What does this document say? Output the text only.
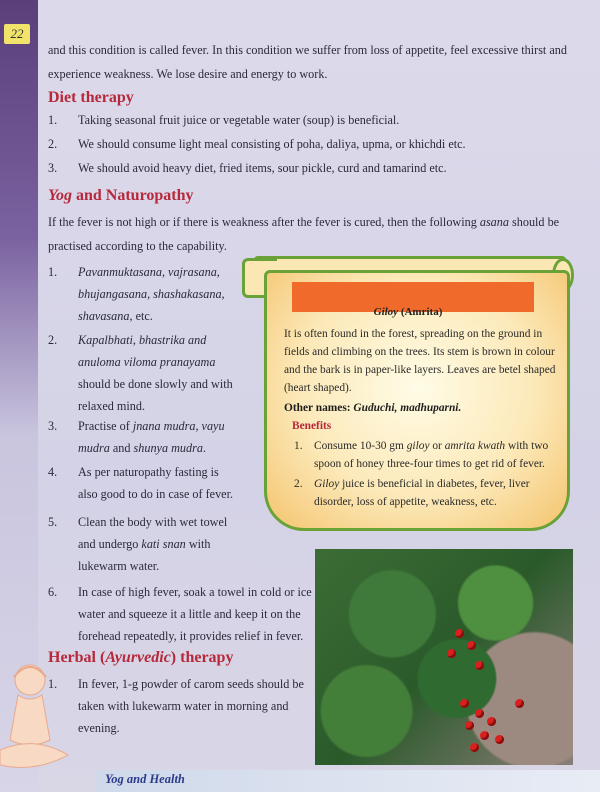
22
and this condition is called fever. In this condition we suffer from loss of appetite, feel excessive thirst and
experience weakness. We lose desire and energy to work.
Diet therapy
1. Taking seasonal fruit juice or vegetable water (soup) is beneficial.
2. We should consume light meal consisting of poha, daliya, upma, or khichdi etc.
3. We should avoid heavy diet, fried items, sour pickle, curd and tamarind etc.
Yog and Naturopathy
If the fever is not high or if there is weakness after the fever is cured, then the following asana should be
practised according to the capability.
1. Pavanmuktasana, vajrasana,
bhujangasana, shashakasana,
shavasana, etc.
2. Kapalbhati, bhastrika and
anuloma viloma pranayama
should be done slowly and with
relaxed mind.
3. Practise of jnana mudra, vayu
mudra and shunya mudra.
4. As per naturopathy fasting is
also good to do in case of fever.
5. Clean the body with wet towel
and undergo kati snan with
lukewarm water.
6. In case of high fever, soak a towel in cold or ice
water and squeeze it a little and keep it on the
forehead repeatedly, it provides relief in fever.
Herbal (Ayurvedic) therapy
1. In fever, 1-g powder of carom seeds should be
taken with lukewarm water in morning and
evening.
Giloy (Amrita)
It is often found in the forest, spreading on the ground in
fields and climbing on the trees. Its stem is brown in colour
and the bark is in paper-like layers. Leaves are betel shaped
(heart shaped).
Other names: Guduchi, madhuparni.
Benefits
1. Consume 10-30 gm giloy or amrita kwath with two
spoon of honey three-four times to get rid of fever.
2. Giloy juice is beneficial in diabetes, fever, liver
disorder, loss of appetite, weakness, etc.
Yog and Health
